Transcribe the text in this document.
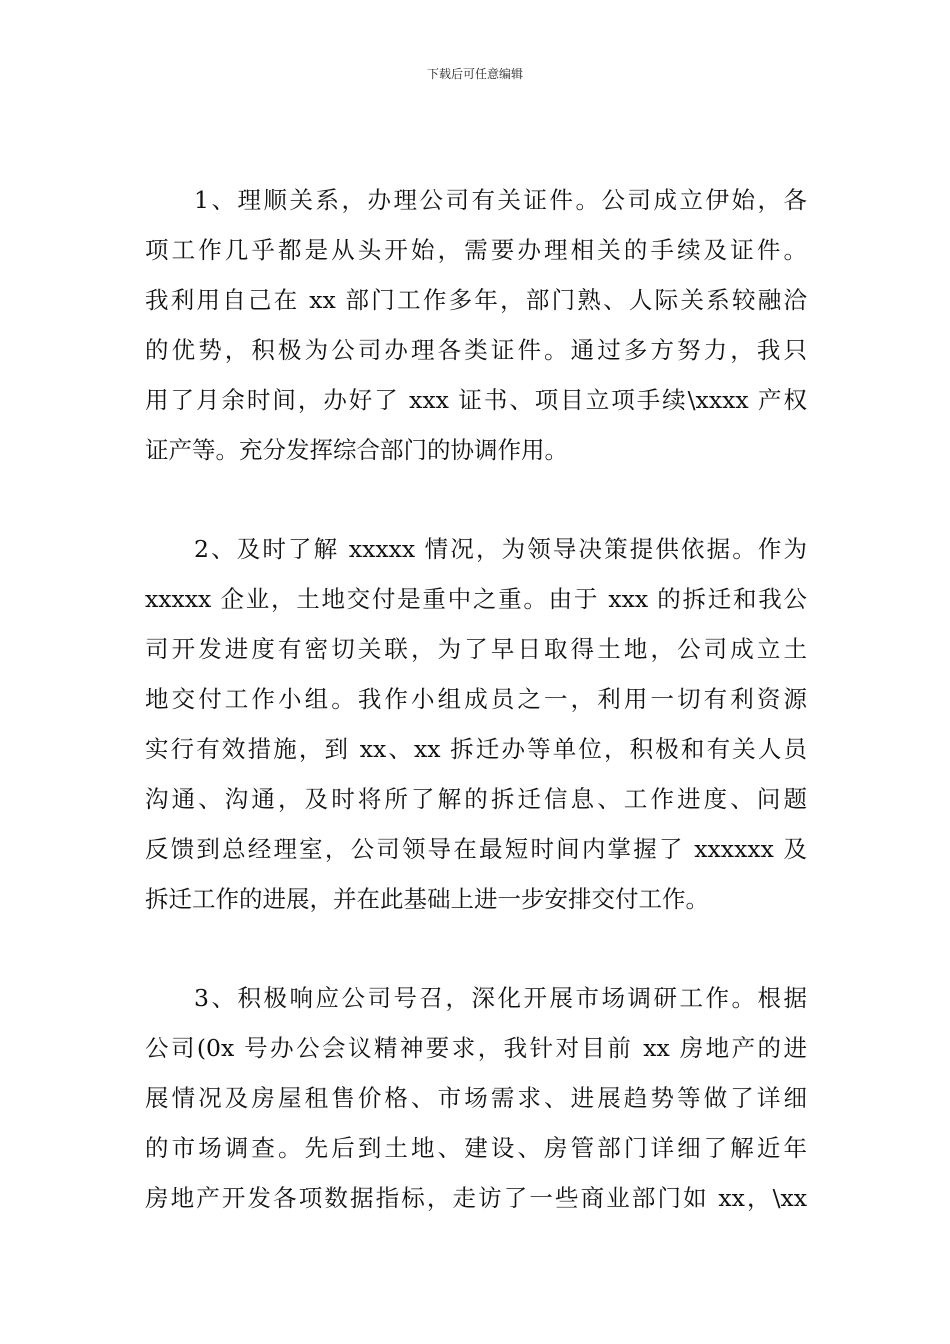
下载后可任意编辑
1、理顺关系，办理公司有关证件。公司成立伊始，各
项工作几乎都是从头开始，需要办理相关的手续及证件。
我利用自己在 xx 部门工作多年，部门熟、人际关系较融洽
的优势，积极为公司办理各类证件。通过多方努力，我只
用了月余时间，办好了 xxx 证书、项目立项手续\xxxx 产权
证产等。充分发挥综合部门的协调作用。
2、及时了解 xxxxx 情况，为领导决策提供依据。作为
xxxxx 企业，土地交付是重中之重。由于 xxx 的拆迁和我公
司开发进度有密切关联，为了早日取得土地，公司成立土
地交付工作小组。我作小组成员之一，利用一切有利资源
实行有效措施，到 xx、xx 拆迁办等单位，积极和有关人员
沟通、沟通，及时将所了解的拆迁信息、工作进度、问题
反馈到总经理室，公司领导在最短时间内掌握了 xxxxxx 及
拆迁工作的进展，并在此基础上进一步安排交付工作。
3、积极响应公司号召，深化开展市场调研工作。根据
公司(0x 号办公会议精神要求，我针对目前 xx 房地产的进
展情况及房屋租售价格、市场需求、进展趋势等做了详细
的市场调查。先后到土地、建设、房管部门详细了解近年
房地产开发各项数据指标，走访了一些商业部门如 xx，\xx
